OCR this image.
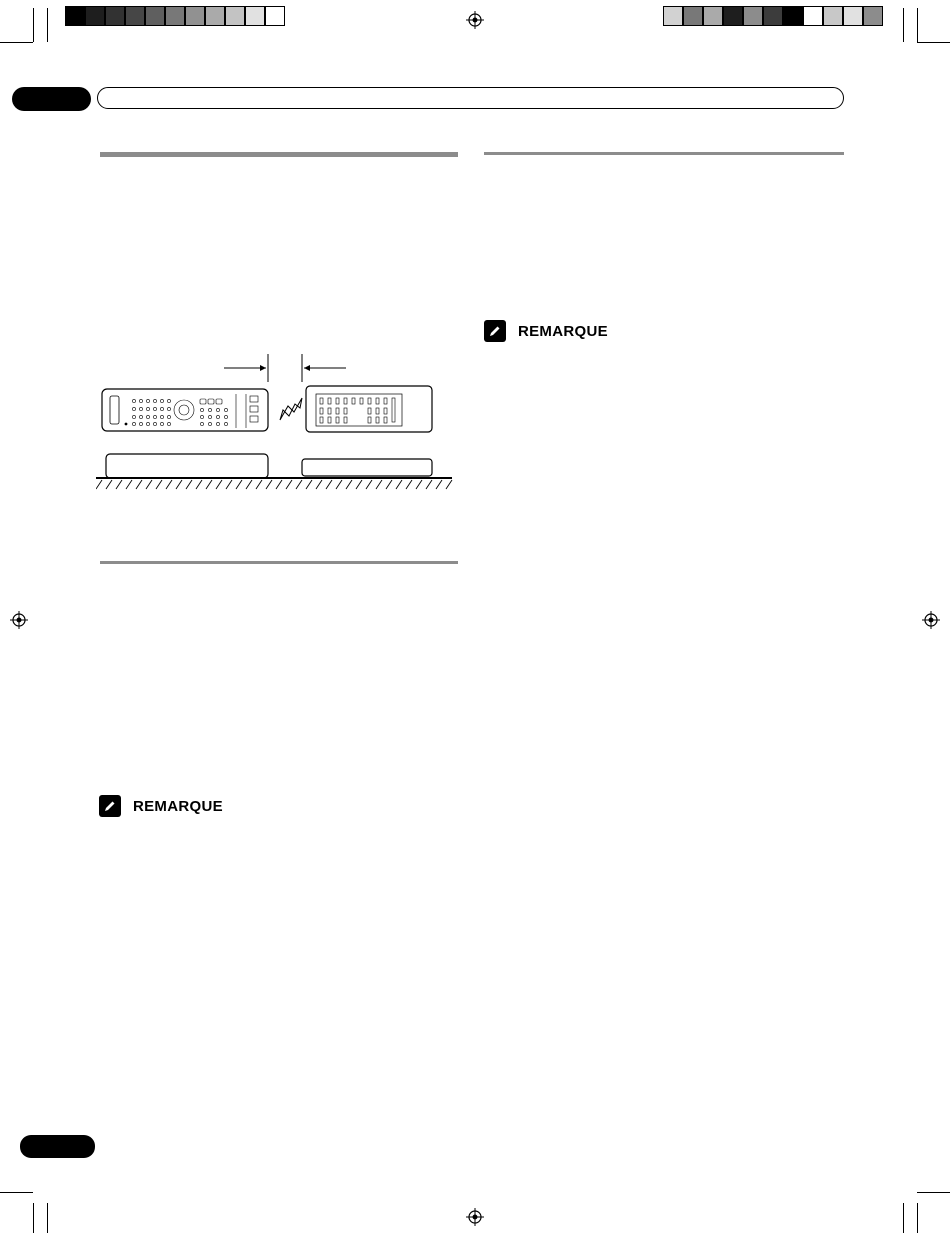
REMARQUE
REMARQUE
